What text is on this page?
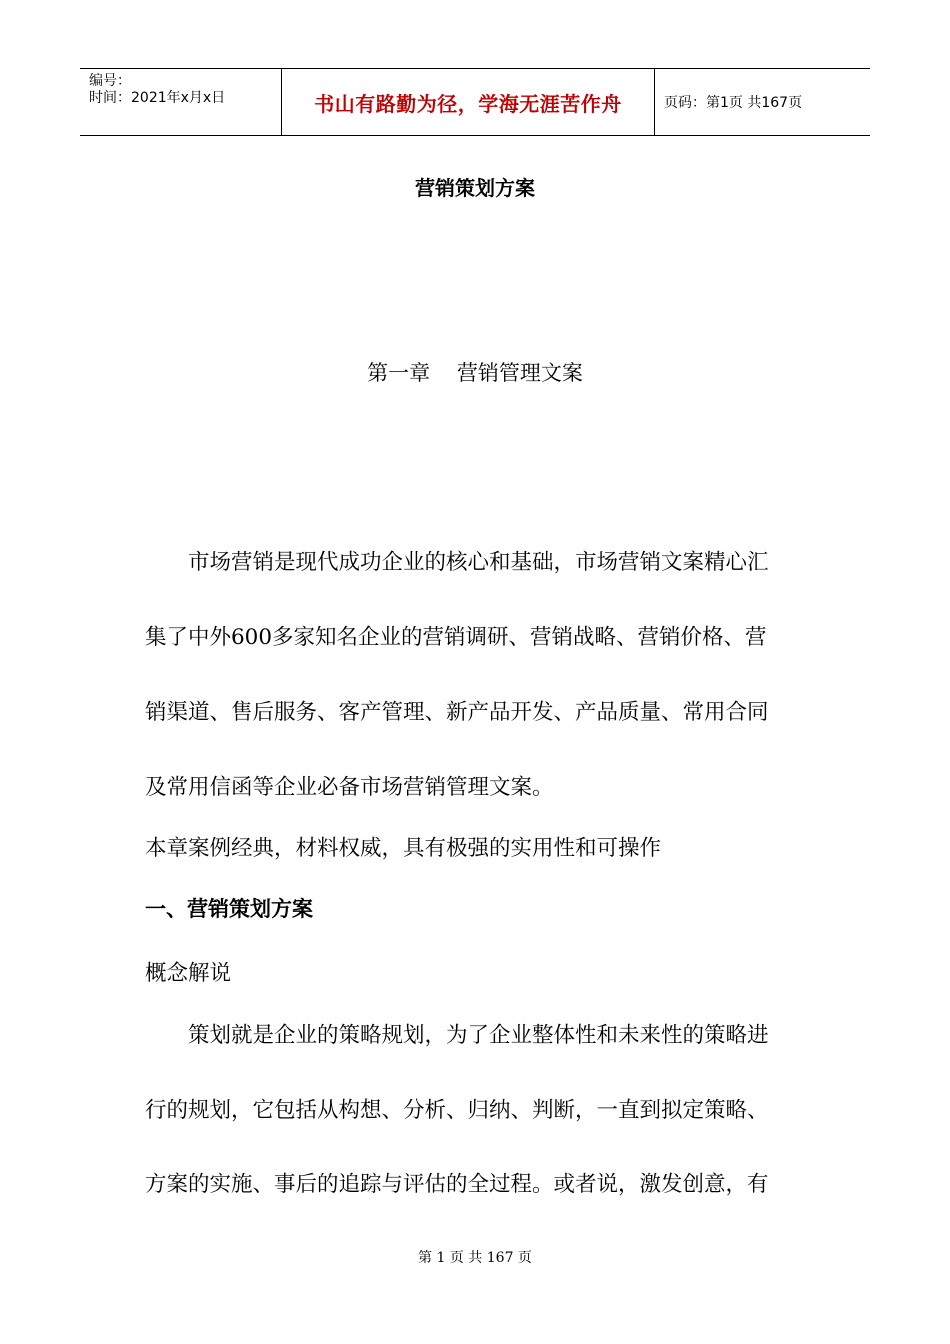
编号：
时间：2021年x月x日	书山有路勤为径，学海无涯苦作舟	页码：第1页 共167页
营销策划方案
第一章    营销管理文案
市场营销是现代成功企业的核心和基础，市场营销文案精心汇
集了中外600多家知名企业的营销调研、营销战略、营销价格、营
销渠道、售后服务、客产管理、新产品开发、产品质量、常用合同
及常用信函等企业必备市场营销管理文案。
本章案例经典，材料权威，具有极强的实用性和可操作
一、营销策划方案
概念解说
策划就是企业的策略规划，为了企业整体性和未来性的策略进
行的规划，它包括从构想、分析、归纳、判断，一直到拟定策略、
方案的实施、事后的追踪与评估的全过程。或者说，激发创意，有
第 1 页 共 167 页
